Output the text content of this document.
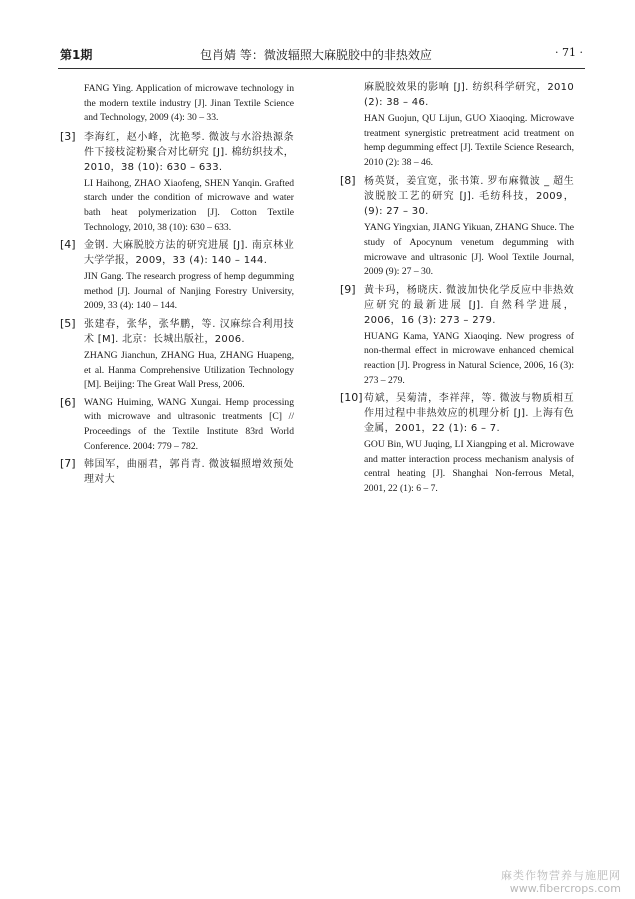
第1期	包肖婧 等：微波辐照大麻脱胶中的非热效应	· 71 ·
FANG Ying. Application of microwave technology in the modern textile industry [J]. Jinan Textile Science and Technology, 2009 (4): 30 – 33.
[3] 李海红，赵小峰，沈艳琴. 微波与水浴热源条件下接枝淀粉聚合对比研究 [J]. 棉纺织技术，2010，38 (10): 630 – 633.
LI Haihong, ZHAO Xiaofeng, SHEN Yanqin. Grafted starch under the condition of microwave and water bath heat polymerization [J]. Cotton Textile Technology, 2010, 38 (10): 630 – 633.
[4] 金钢. 大麻脱胶方法的研究进展 [J]. 南京林业大学学报，2009，33 (4): 140 – 144.
JIN Gang. The research progress of hemp degumming method [J]. Journal of Nanjing Forestry University, 2009, 33 (4): 140 – 144.
[5] 张建春，张华，张华鹏，等. 汉麻综合利用技术 [M]. 北京：长城出版社，2006.
ZHANG Jianchun, ZHANG Hua, ZHANG Huapeng, et al. Hanma Comprehensive Utilization Technology [M]. Beijing: The Great Wall Press, 2006.
[6] WANG Huiming, WANG Xungai. Hemp processing with microwave and ultrasonic treatments [C] // Proceedings of the Textile Institute 83rd World Conference. 2004: 779 – 782.
[7] 韩国军，曲丽君，郭肖青. 微波辐照增效预处理对大
麻脱胶效果的影响 [J]. 纺织科学研究，2010 (2): 38 – 46.
HAN Guojun, QU Lijun, GUO Xiaoqing. Microwave treatment synergistic pretreatment acid treatment on hemp degumming effect [J]. Textile Science Research, 2010 (2): 38 – 46.
[8] 杨英贤，姜宜宽，张书策. 罗布麻微波 _ 超生波脱胶工艺的研究 [J]. 毛纺科技，2009，(9): 27 – 30.
YANG Yingxian, JIANG Yikuan, ZHANG Shuce. The study of Apocynum venetum degumming with microwave and ultrasonic [J]. Wool Textile Journal, 2009 (9): 27 – 30.
[9] 黄卡玛，杨晓庆. 微波加快化学反应中非热效应研究的最新进展 [J]. 自然科学进展，2006，16 (3): 273 – 279.
HUANG Kama, YANG Xiaoqing. New progress of non-thermal effect in microwave enhanced chemical reaction [J]. Progress in Natural Science, 2006, 16 (3): 273 – 279.
[10] 苟斌，吴菊清，李祥萍，等. 微波与物质相互作用过程中非热效应的机理分析 [J]. 上海有色金属，2001，22 (1): 6 – 7.
GOU Bin, WU Juqing, LI Xiangping et al. Microwave and matter interaction process mechanism analysis of central heating [J]. Shanghai Non-ferrous Metal, 2001, 22 (1): 6 – 7.
麻类作物营养与施肥网
www.fibercrops.com
